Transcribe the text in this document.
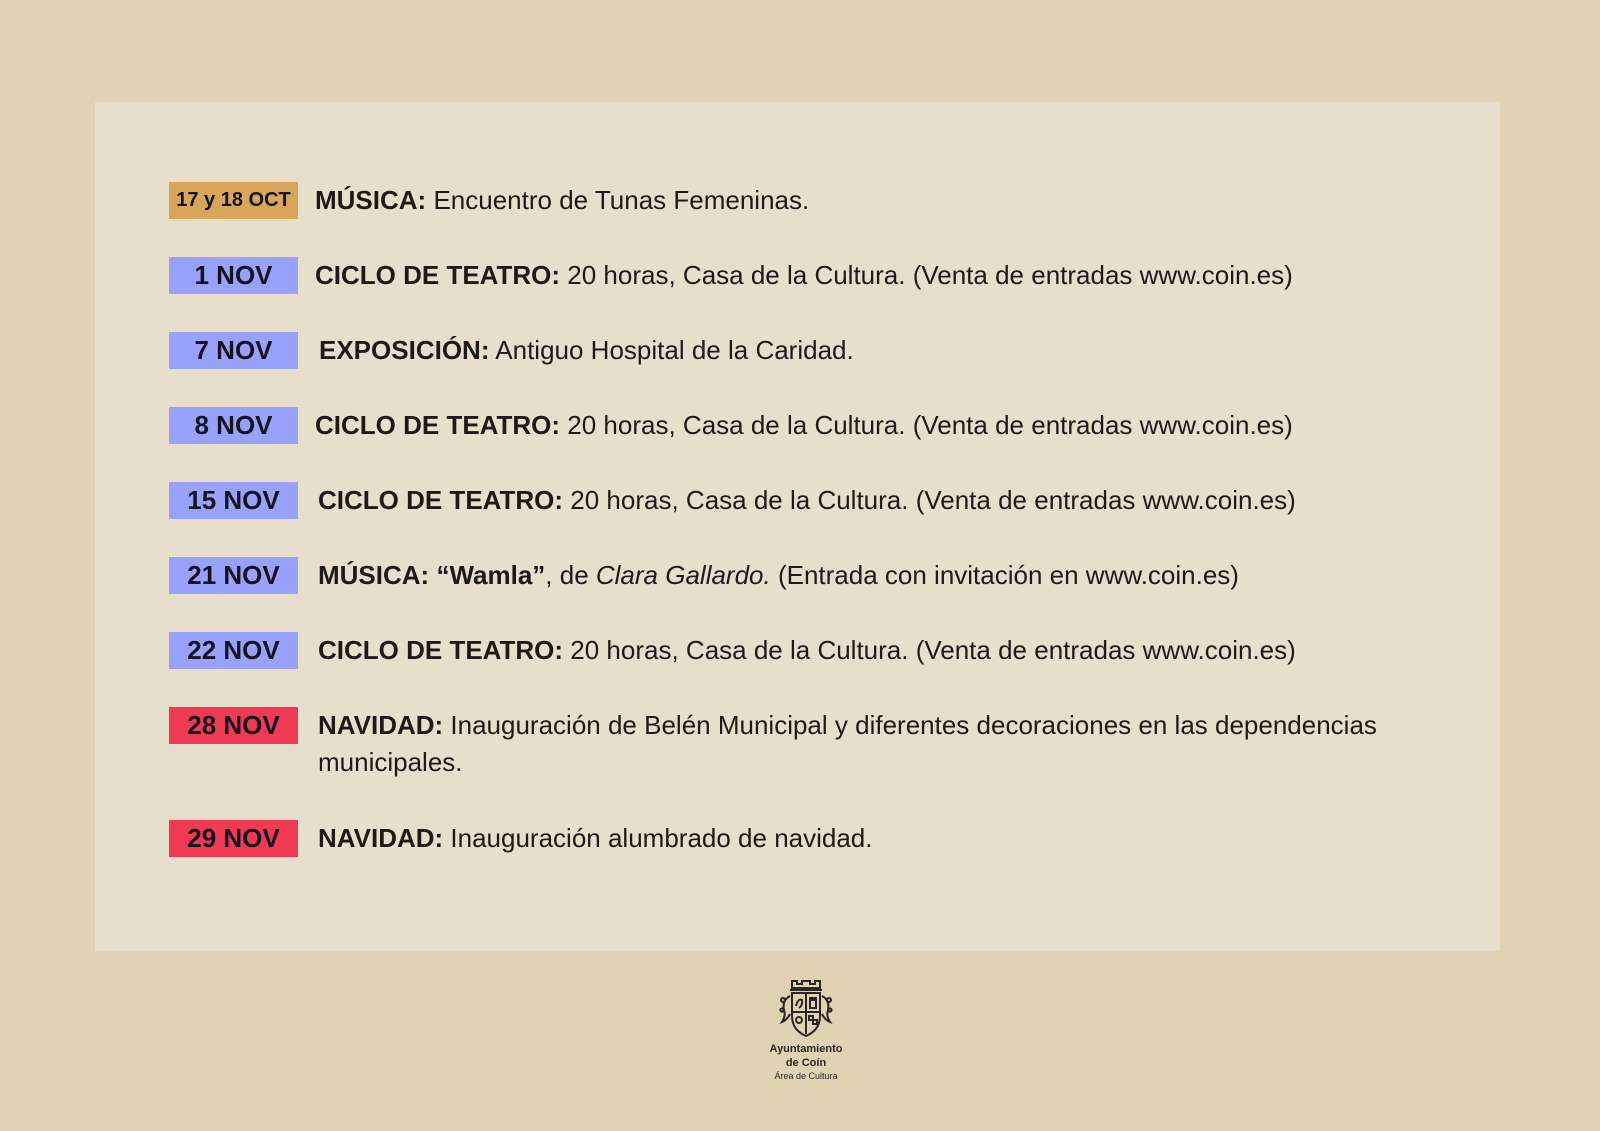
17 y 18 OCT MÚSICA: Encuentro de Tunas Femeninas.
1 NOV	CICLO DE TEATRO: 20 horas, Casa de la Cultura. (Venta de entradas www.coin.es)
7 NOV	EXPOSICIÓN: Antiguo Hospital de la Caridad.
8 NOV	CICLO DE TEATRO: 20 horas, Casa de la Cultura. (Venta de entradas www.coin.es)
15 NOV	CICLO DE TEATRO: 20 horas, Casa de la Cultura. (Venta de entradas www.coin.es)
21 NOV	MÚSICA: “Wamla”, de Clara Gallardo. (Entrada con invitación en www.coin.es)
22 NOV	CICLO DE TEATRO: 20 horas, Casa de la Cultura. (Venta de entradas www.coin.es)
28 NOV	NAVIDAD: Inauguración de Belén Municipal y diferentes decoraciones en las dependencias municipales.
29 NOV	NAVIDAD: Inauguración alumbrado de navidad.
Ayuntamiento
de Coín
Área de Cultura
